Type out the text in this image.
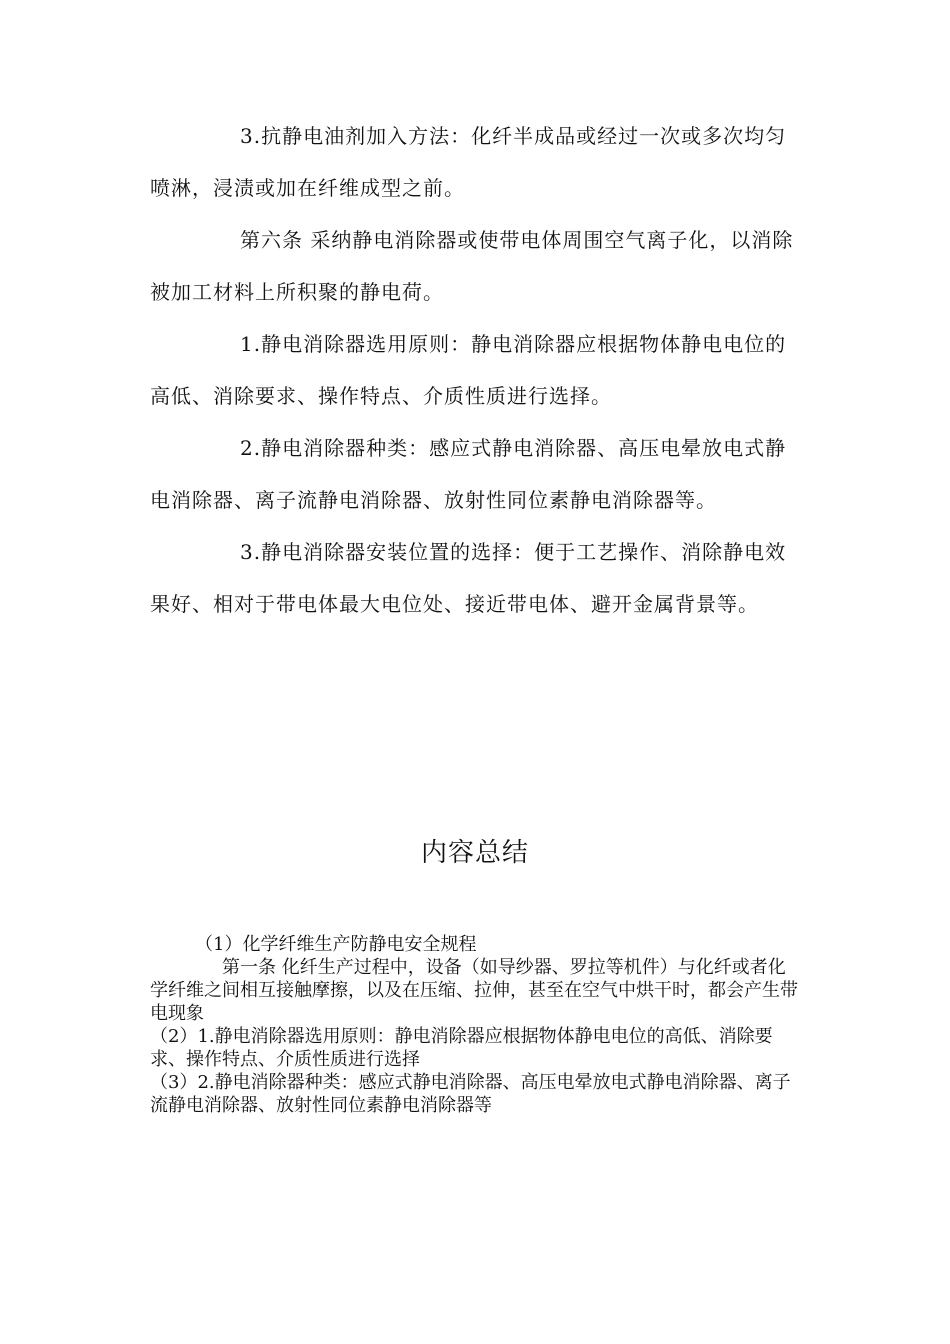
3.抗静电油剂加入方法：化纤半成品或经过一次或多次均匀喷淋，浸渍或加在纤维成型之前。

第六条 采纳静电消除器或使带电体周围空气离子化，以消除被加工材料上所积聚的静电荷。

1.静电消除器选用原则：静电消除器应根据物体静电电位的高低、消除要求、操作特点、介质性质进行选择。

2.静电消除器种类：感应式静电消除器、高压电晕放电式静电消除器、离子流静电消除器、放射性同位素静电消除器等。

3.静电消除器安装位置的选择：便于工艺操作、消除静电效果好、相对于带电体最大电位处、接近带电体、避开金属背景等。

内容总结
（1）化学纤维生产防静电安全规程
第一条 化纤生产过程中，设备（如导纱器、罗拉等机件）与化纤或者化学纤维之间相互接触摩擦，以及在压缩、拉伸，甚至在空气中烘干时，都会产生带电现象
（2）1.静电消除器选用原则：静电消除器应根据物体静电电位的高低、消除要求、操作特点、介质性质进行选择
（3）2.静电消除器种类：感应式静电消除器、高压电晕放电式静电消除器、离子流静电消除器、放射性同位素静电消除器等
